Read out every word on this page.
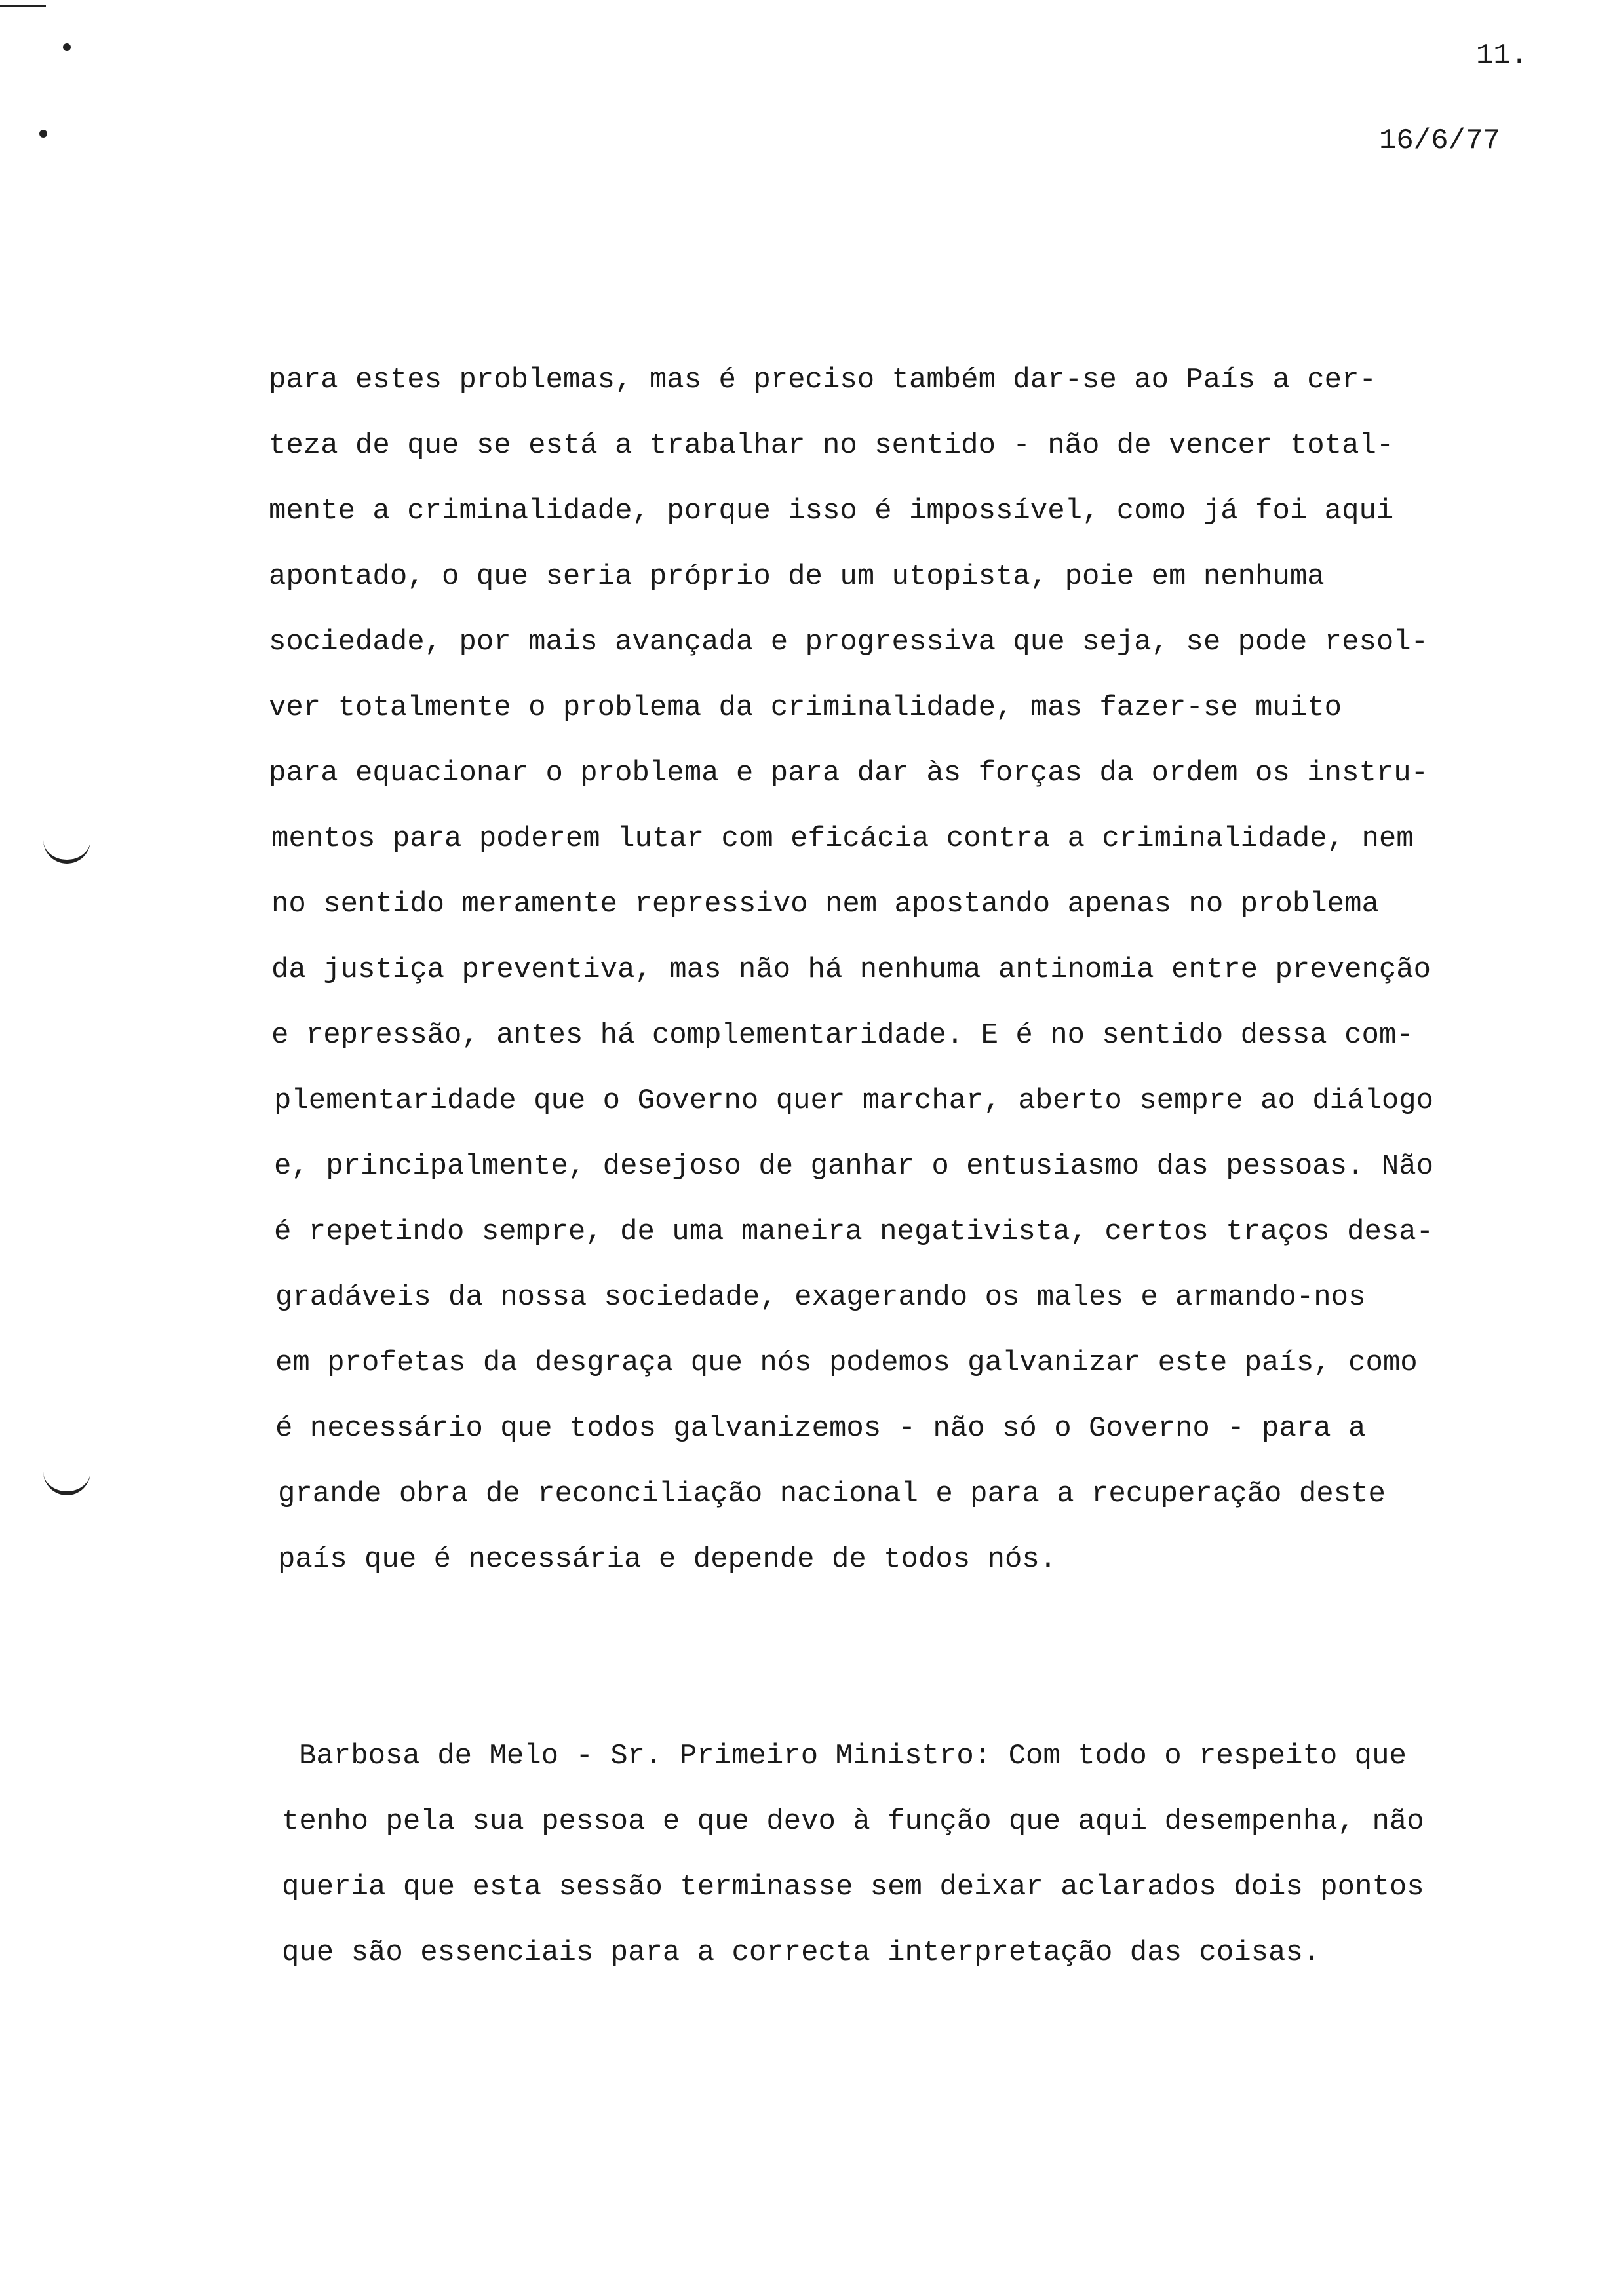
11.
16/6/77

para estes problemas, mas é preciso também dar-se ao País a cer-

teza de que se está a trabalhar no sentido - não de vencer total-

mente a criminalidade, porque isso é impossível, como já foi aqui

apontado, o que seria próprio de um utopista, poie em nenhuma

sociedade, por mais avançada e progressiva que seja, se pode resol-

ver totalmente o problema da criminalidade, mas fazer-se muito

para equacionar o problema e para dar às forças da ordem os instru-

mentos para poderem lutar com eficácia contra a criminalidade, nem

no sentido meramente repressivo nem apostando apenas no problema

da justiça preventiva, mas não há nenhuma antinomia entre prevenção

e repressão, antes há complementaridade. E é no sentido dessa com-

plementaridade que o Governo quer marchar, aberto sempre ao diálogo

e, principalmente, desejoso de ganhar o entusiasmo das pessoas. Não

é repetindo sempre, de uma maneira negativista, certos traços desa-

gradáveis da nossa sociedade, exagerando os males e armando-nos

em profetas da desgraça que nós podemos galvanizar este país, como

é necessário que todos galvanizemos - não só o Governo - para a

grande obra de reconciliação nacional e para a recuperação deste

país que é necessária e depende de todos nós.

Barbosa de Melo - Sr. Primeiro Ministro: Com todo o respeito que

tenho pela sua pessoa e que devo à função que aqui desempenha, não

queria que esta sessão terminasse sem deixar aclarados dois pontos

que são essenciais para a correcta interpretação das coisas.
